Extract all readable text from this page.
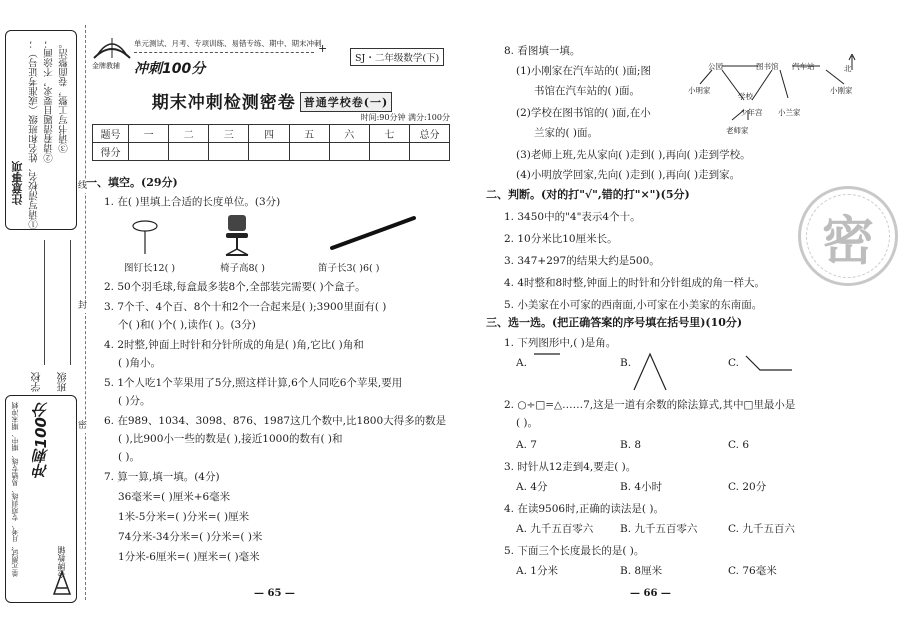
注意事项 ①请写清校名、姓名和班级（或准考证号）； ②请看清题目要求，不涂画； ③请书写工整，卷面整洁。
学校 班级
单元测试、月考、专项训练、易错专练、期中、期末冲刺 冲刺100分
金牌教辅
线
封
密
金牌教辅 冲刺100分
单元测试、月考、专项训练、易错专练、期中、期末冲刺
+
SJ・二年级数学(下)
期末冲刺检测密卷 普通学校卷(一)
时间:90分钟 满分:100分
题号	一	二	三	四	五	六	七	总分
得分								
一、填空。(29分)
1. 在( )里填上合适的长度单位。(3分)
图钉长12( )	椅子高8( )	笛子长3( )6( )
2. 50个羽毛球,每盒最多装8个,全部装完需要( )个盒子。
3. 7个千、4个百、8个十和2个一合起来是( );3900里面有( )
个( )和( )个( ),读作( )。(3分)
4. 2时整,钟面上时针和分针所成的角是( )角,它比( )角和
( )角小。
5. 1个人吃1个苹果用了5分,照这样计算,6个人同吃6个苹果,要用
( )分。
6. 在989、1034、3098、876、1987这几个数中,比1800大得多的数是
( ),比900小一些的数是( ),接近1000的数有( )和
( )。
7. 算一算,填一填。(4分)
36毫米=( )厘米+6毫米
1米-5分米=( )分米=( )厘米
74分米-34分米=( )分米=( )米
1分米-6厘米=( )厘米=( )毫米
— 65 —
8. 看图填一填。
(1)小刚家在汽车站的( )面;图
书馆在汽车站的( )面。
(2)学校在图书馆的( )面,在小
兰家的( )面。
(3)老师上班,先从家向( )走到( ),再向( )走到学校。
(4)小明放学回家,先向( )走到( ),再向( )走到家。
公园	图书馆 汽车站
小明家
学校
小兰家
小刚家
少年宫
老师家
北
二、判断。(对的打"√",错的打"×")(5分)
1. 3450中的"4"表示4个十。
2. 10分米比10厘米长。
3. 347+297的结果大约是500。
4. 4时整和8时整,钟面上的时针和分针组成的角一样大。
5. 小美家在小可家的西南面,小可家在小美家的东南面。
密
三、选一选。(把正确答案的序号填在括号里)(10分)
1. 下列图形中,( )是角。
A.	B.	C.
2. ○÷□=△……7,这是一道有余数的除法算式,其中□里最小是
( )。
A. 7	B. 8	C. 6
3. 时针从12走到4,要走( )。
A. 4分	B. 4小时	C. 20分
4. 在读9506时,正确的读法是( )。
A. 九千五百零六	B. 九千五百零六	C. 九千五百六
5. 下面三个长度最长的是( )。
A. 1分米	B. 8厘米	C. 76毫米
— 66 —
